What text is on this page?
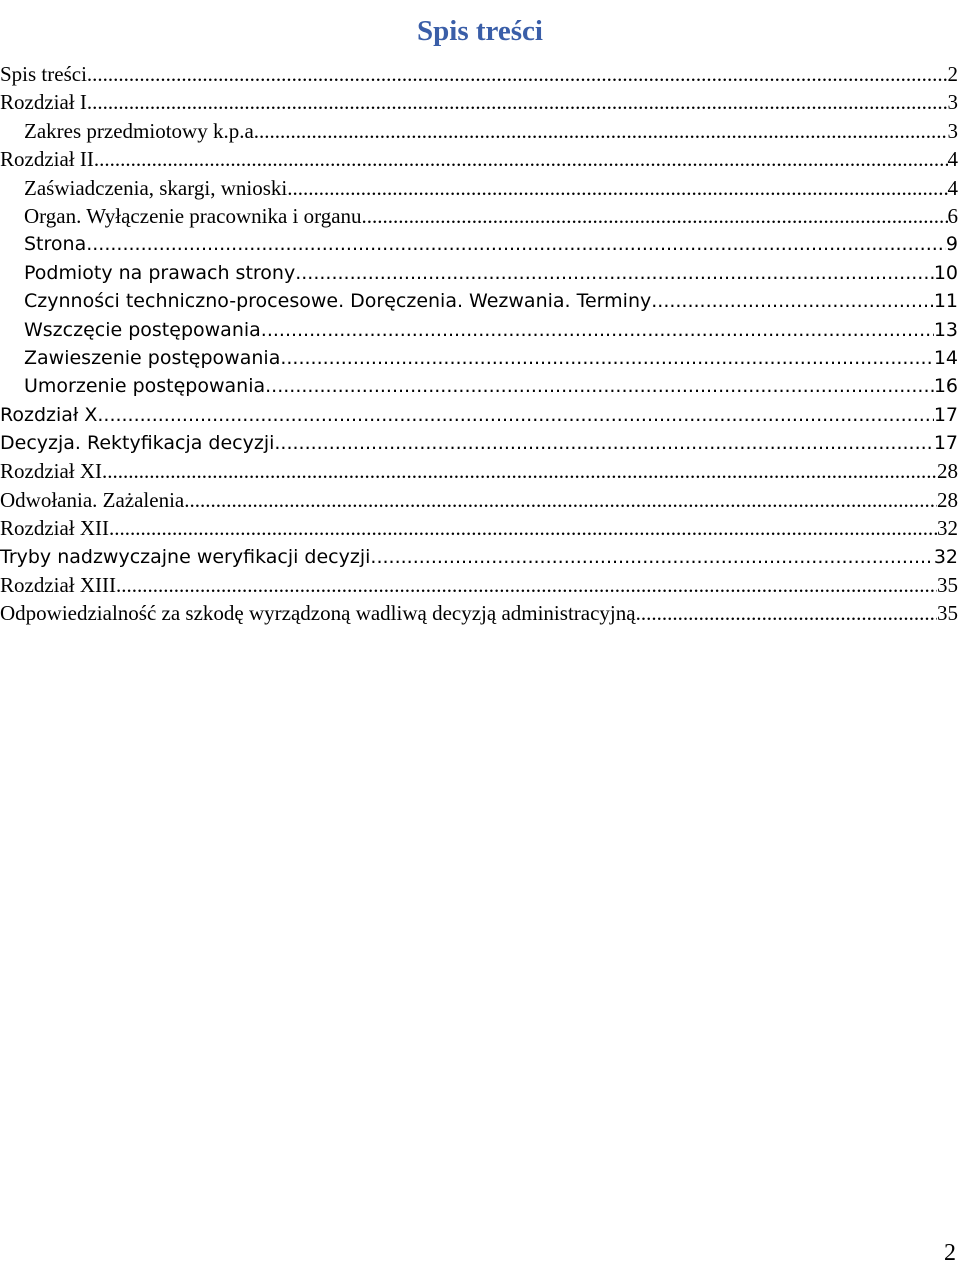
Spis treści
Spis treści .....	2
Rozdział I .....	3
Zakres przedmiotowy k.p.a. .....	3
Rozdział II .....	4
Zaświadczenia, skargi, wnioski .....	4
Organ. Wyłączenie pracownika i organu .....	6
Strona .....	9
Podmioty na prawach strony .....	10
Czynności techniczno-procesowe. Doręczenia. Wezwania. Terminy .....	11
Wszczęcie postępowania .....	13
Zawieszenie postępowania .....	14
Umorzenie postępowania. .....	16
Rozdział X .....	17
Decyzja. Rektyfikacja decyzji .....	17
Rozdział XI .....	28
Odwołania. Zażalenia .....	28
Rozdział XII .....	32
Tryby nadzwyczajne weryfikacji decyzji .....	32
Rozdział XIII .....	35
Odpowiedzialność za szkodę wyrządzoną wadliwą decyzją administracyjną .....	35
2
